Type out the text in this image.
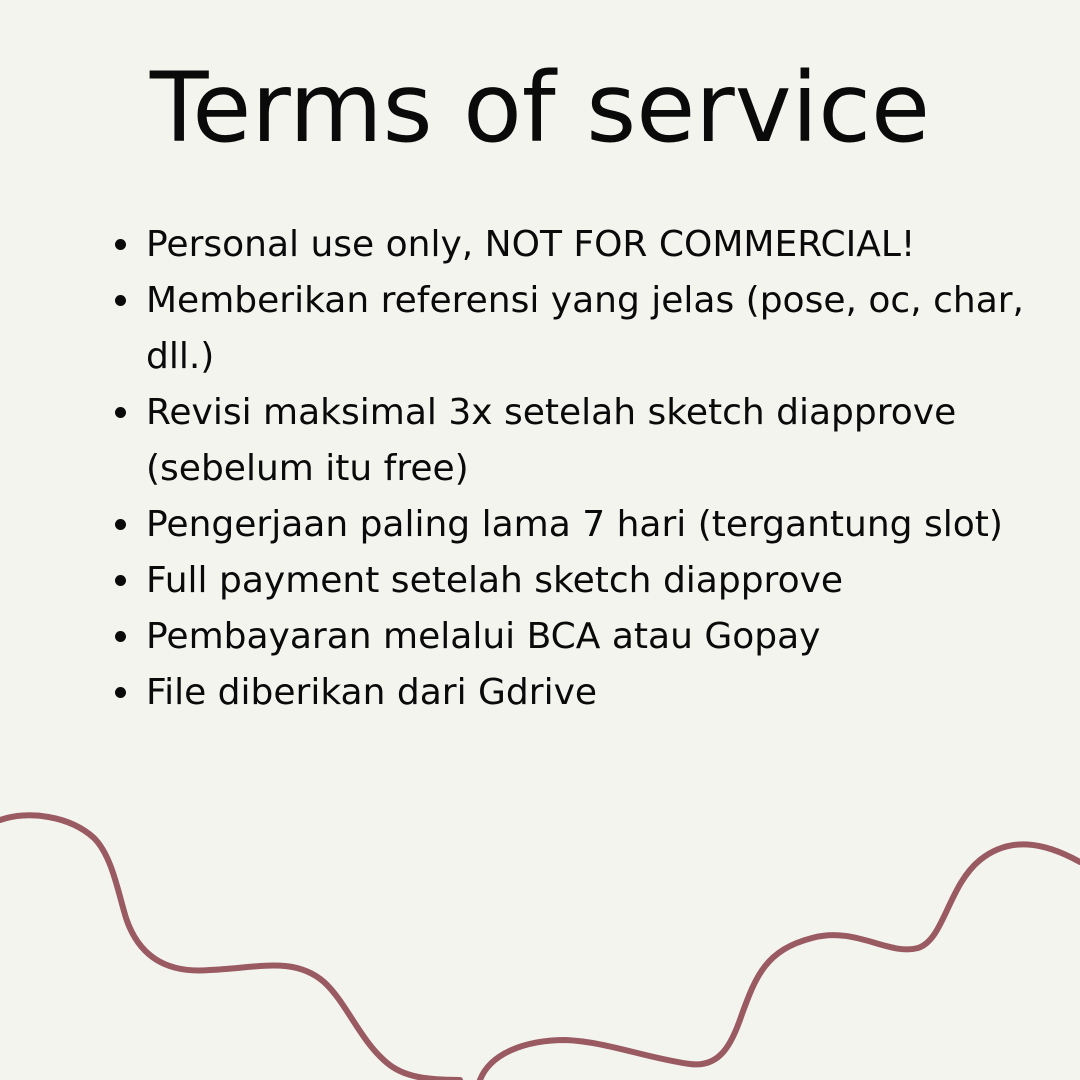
Terms of service
Personal use only, NOT FOR COMMERCIAL!
Memberikan referensi yang jelas (pose, oc, char, dll.)
Revisi maksimal 3x setelah sketch diapprove (sebelum itu free)
Pengerjaan paling lama 7 hari (tergantung slot)
Full payment setelah sketch diapprove
Pembayaran melalui BCA atau Gopay
File diberikan dari Gdrive
